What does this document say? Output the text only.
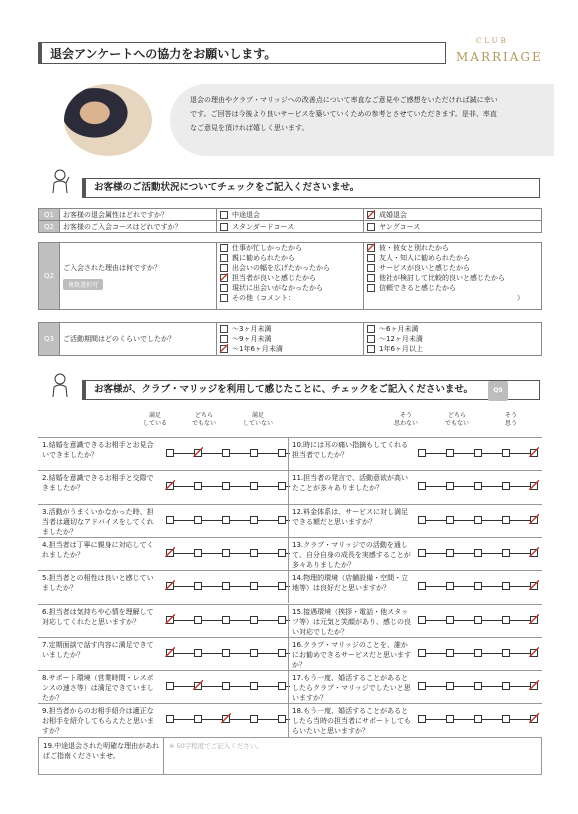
退会アンケートへの協力をお願いします。
CLUB
MARRIAGE
退会の理由やクラブ・マリッジへの改善点について率直なご意見やご感想をいただければ誠に幸い
です。ご回答は今後より良いサービスを築いていくための参考とさせていただきます。是非、率直
なご意見を頂ければ嬉しく思います。
お客様のご活動状況についてチェックをご記入くださいませ。
Q1	お客様の退会属性はどれですか？	中途退会	成婚退会

Q2	お客様のご入会コースはどれですか？	スタンダードコース	ヤングコース
Q2	
ご入会された理由は何ですか？
複数選択可

仕事が忙しかったから
親に勧められたから
出会いの幅を広げたかったから
担当者が良いと感じたから
現状に出会いがなかったから
その他（コメント：

彼・彼女と別れたから
友人・知人に勧められたから
サービスが良いと感じたから
他社が検討して比較的良いと感じたから
信頼できると感じたから
）
Q3	ご活動期間はどのくらいでしたか？	
～3ヶ月未満
～9ヶ月未満
～1年6ヶ月未満

～6ヶ月未満
～12ヶ月未満
1年6ヶ月以上
お客様が、クラブ・マリッジを利用して感じたことに、チェックをご記入くださいませ。	Q5
満足
している
どちら
でもない
満足
していない
そう
思わない
どちら
でもない
そう
思う
1.結婚を意識できるお相手とお見合いできましたか？
10.時には耳の痛い指摘もしてくれる担当者でしたか？
2.結婚を意識できるお相手と交際できましたか？
11.担当者の発言で、活動意欲が高いたことが多々ありましたか？
3.活動がうまくいかなかった時、担当者は適切なアドバイスをしてくれましたか？
12.料金体系は、サービスに対し満足できる額だと思いますか？
4.担当者は丁寧に親身に対応してくれましたか？
13.クラブ・マリッジでの活動を通して、自分自身の成長を実感することが多々ありましたか？
5.担当者との相性は良いと感じていましたか？
14.物理的環境（店舗設備・空間・立地等）は良好だと思いますか？
6.担当者は気持ちや心情を理解して対応してくれたと思いますか？
15.接遇環境（挨拶・電話・他スタッフ等）は元気と笑顔があり、感じの良い対応でしたか？
7.定期面談で話す内容に満足できていましたか？
16.クラブ・マリッジのことを、誰かにお勧めできるサービスだと思いますか？
8.サポート環境（営業時間・レスポンスの速さ等）は満足できていましたか？
17.もう一度、婚活することがあるとしたらクラブ・マリッジでしたいと思いますか？
9.担当者からのお相手紹介は適正なお相手を紹介してもらえたと思いますか？
18.もう一度、婚活することがあるとしたら当時の担当者にサポートしてもらいたいと思いますか？
19.中途退会された明確な理由があればご指南くださいませ。
※ 50字程度でご記入ください。
